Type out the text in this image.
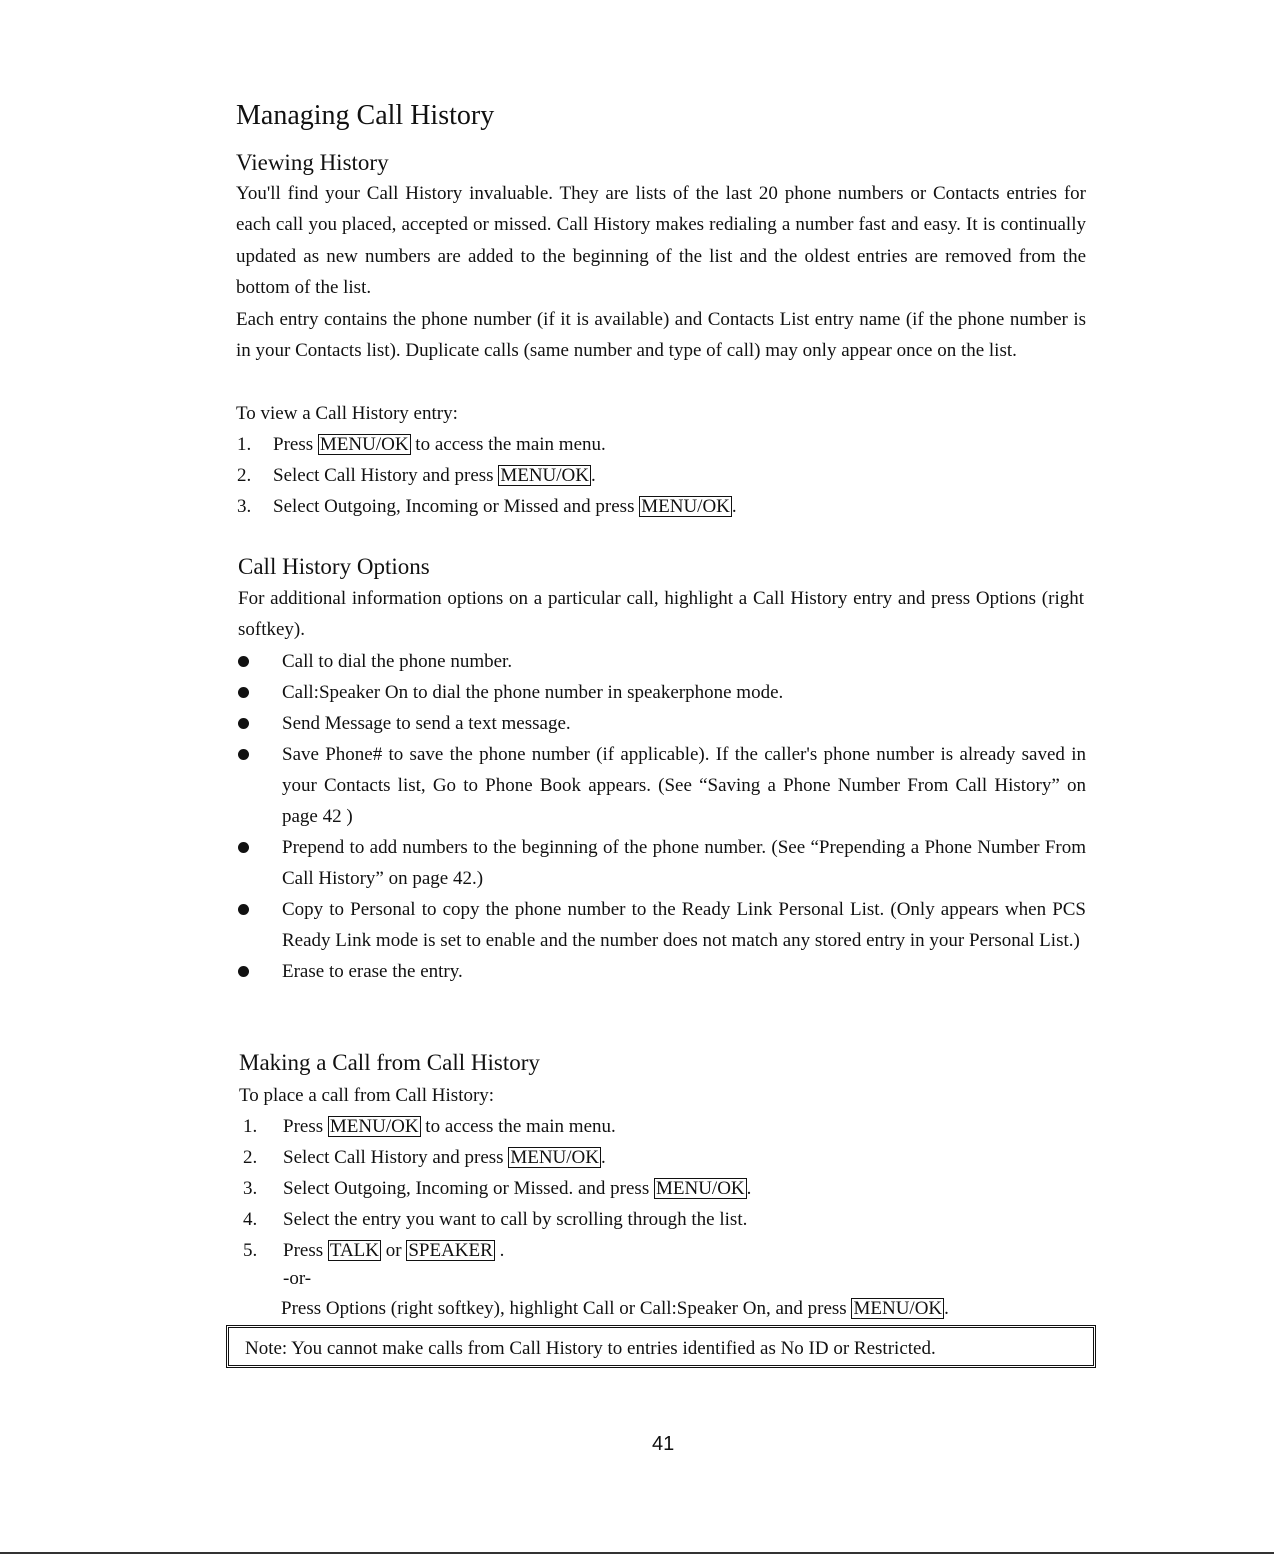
Managing Call History
Viewing History

You'll find your Call History invaluable. They are lists of the last 20 phone numbers or Contacts entries for each call you placed, accepted or missed. Call History makes redialing a number fast and easy. It is continually updated as new numbers are added to the beginning of the list and the oldest entries are removed from the bottom of the list.

Each entry contains the phone number (if it is available) and Contacts List entry name (if the phone number is in your Contacts list). Duplicate calls (same number and type of call) may only appear once on the list.

To view a Call History entry:

1. Press MENU/OK to access the main menu.
2. Select Call History and press MENU/OK .
3. Select Outgoing, Incoming or Missed and press MENU/OK .
Call History Options

For additional information options on a particular call, highlight a Call History entry and press Options (right softkey).

Call to dial the phone number.
Call:Speaker On to dial the phone number in speakerphone mode.
Send Message to send a text message.
Save Phone# to save the phone number (if applicable). If the caller's phone number is already saved in your Contacts list, Go to Phone Book appears. (See “Saving a Phone Number From Call History” on page 42 )
Prepend to add numbers to the beginning of the phone number. (See “Prepending a Phone Number From Call History” on page 42.)
Copy to Personal to copy the phone number to the Ready Link Personal List. (Only appears when PCS Ready Link mode is set to enable and the number does not match any stored entry in your Personal List.)
Erase to erase the entry.
Making a Call from Call History

To place a call from Call History:

1. Press MENU/OK to access the main menu.
2. Select Call History and press MENU/OK .
3. Select Outgoing, Incoming or Missed. and press MENU/OK .
4. Select the entry you want to call by scrolling through the list.
5. Press TALK or SPEAKER .
-or-
Press Options (right softkey), highlight Call or Call:Speaker On, and press MENU/OK .
Note: You cannot make calls from Call History to entries identified as No ID or Restricted.
41
